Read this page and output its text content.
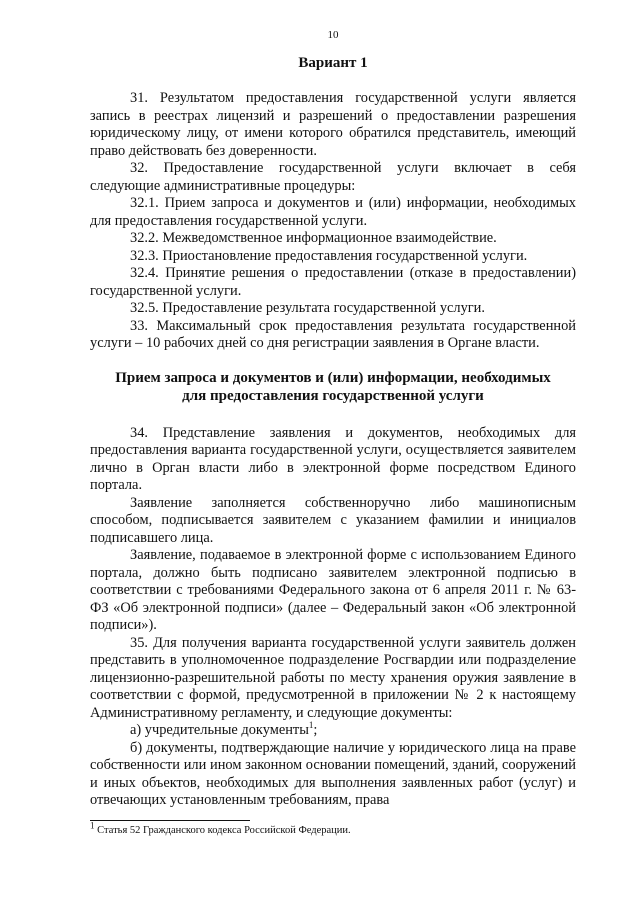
10
Вариант 1

31. Результатом предоставления государственной услуги является запись в реестрах лицензий и разрешений о предоставлении разрешения юридическому лицу, от имени которого обратился представитель, имеющий право действовать без доверенности.

32. Предоставление государственной услуги включает в себя следующие административные процедуры:

32.1. Прием запроса и документов и (или) информации, необходимых для предоставления государственной услуги.

32.2. Межведомственное информационное взаимодействие.

32.3. Приостановление предоставления государственной услуги.

32.4. Принятие решения о предоставлении (отказе в предоставлении) государственной услуги.

32.5. Предоставление результата государственной услуги.

33. Максимальный срок предоставления результата государственной услуги – 10 рабочих дней со дня регистрации заявления в Органе власти.

Прием запроса и документов и (или) информации, необходимых
для предоставления государственной услуги

34. Представление заявления и документов, необходимых для предоставления варианта государственной услуги, осуществляется заявителем лично в Орган власти либо в электронной форме посредством Единого портала.

Заявление заполняется собственноручно либо машинописным способом, подписывается заявителем с указанием фамилии и инициалов подписавшего лица.

Заявление, подаваемое в электронной форме с использованием Единого портала, должно быть подписано заявителем электронной подписью в соответствии с требованиями Федерального закона от 6 апреля 2011 г. № 63-ФЗ «Об электронной подписи» (далее – Федеральный закон «Об электронной подписи»).

35. Для получения варианта государственной услуги заявитель должен представить в уполномоченное подразделение Росгвардии или подразделение лицензионно-разрешительной работы по месту хранения оружия заявление в соответствии с формой, предусмотренной в приложении № 2 к настоящему Административному регламенту, и следующие документы:

а) учредительные документы$^1$;

б) документы, подтверждающие наличие у юридического лица на праве собственности или ином законном основании помещений, зданий, сооружений и иных объектов, необходимых для выполнения заявленных работ (услуг) и отвечающих установленным требованиям, права

1 Статья 52 Гражданского кодекса Российской Федерации.
